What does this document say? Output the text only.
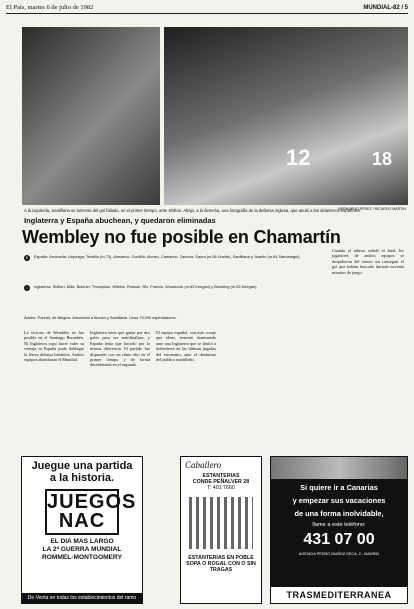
El País, martes 6 de julio de 1982	MUNDIAL-82 / 5
12	18
A la izquierda, Santillana se lamenta del gol fallado, en el primer tiempo, ante Shilton. Abajo, a la derecha, una fotografía de la defensa inglesa, que anuló a los delanteros españoles.
BERNARDO PEREZ / RICARDO MARTIN
Inglaterra y España abuchean, y quedaron eliminadas
Wembley no fue posible en Chamartín
E	España: Arconada; Urquiaga, Tendillo (m.73), Alesanco, Gordillo; Alonso, Camacho, Zamora, Saura (m.66 Uralde), Santillana y Juanito (m.64 Satrústegui).
I	Inglaterra: Shilton; Mills, Butcher, Thompson, Wilkins, Robson, Rix, Francis, Woodcock (m.63 Keegan) y Brooking (m.63 Keegan).
Árbitro: Ponnet, de Bélgica. Amonestó a Alonso y Santillana. Unos 75.000 espectadores.
La victoria de Wembley no fue posible en el Santiago Bernabéu. Ni Inglaterra supo hacer valer su ventaja ni España pudo doblegar la férrea defensa británica. Ambos equipos abandonan el Mundial.
Inglaterra tenía que ganar por dos goles para ser semifinalista, y España tenía que hacerlo por la misma diferencia. El partido fue disputado con un ritmo alto en el primer tiempo y de forma desordenada en el segundo.
El equipo español, con más coraje que ideas, terminó dominando ante una Inglaterra que se limitó a defenderse en las últimas jugadas del encuentro, ante el desánimo del público madrileño.
Cuando el árbitro señaló el final, los jugadores de ambos equipos se despidieron del torneo sin conseguir el gol que habían buscado durante noventa minutos de juego.
Juegue una partida
a la historia.
JUEGOS
NAC
EL DIA MAS LARGO
LA 2ª GUERRA MUNDIAL
ROMMEL-MONTGOMERY
De Venta en todas los establecimientos del ramo
Caballero
ESTANTERIAS
CONDE PEÑALVER 28
T: 401 7660
ESTANTERIAS EN POBLE SOPA O ROGAL CON O SIN TRAGAS
Si quiere ir a Canarias
y empezar sus vacaciones
de una forma inolvidable,
llame a este teléfono:
431 07 00
AGENCIA PEDRO MUÑOZ SECA, 2 - MADRID
TRASMEDITERRANEA
